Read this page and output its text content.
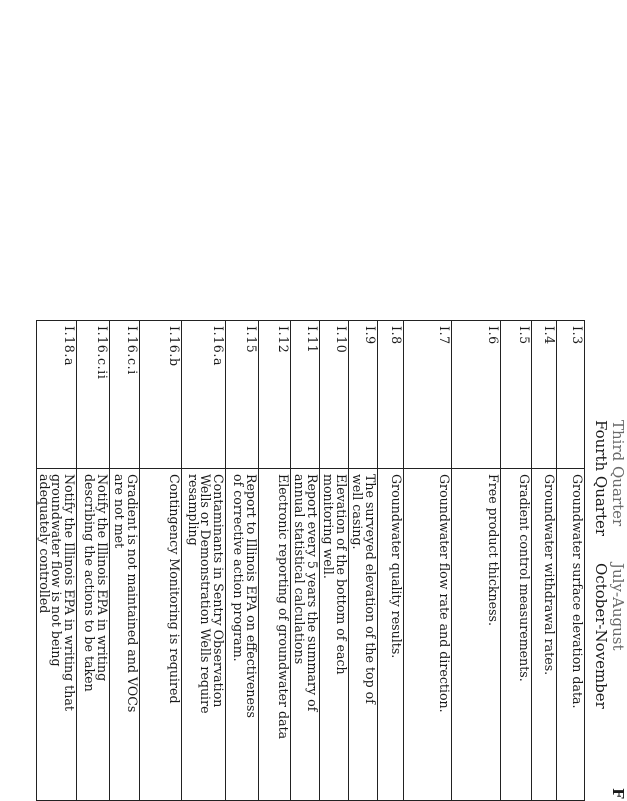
Third Quarter
Fourth Quarter
July-August
October-November
F
I.3	Groundwater surface elevation data.

I.4	Groundwater withdrawal rates.

I.5	Gradient control measurements.

I.6	Free product thickness.

I.7	Groundwater flow rate and direction.

I.8	Groundwater quality results.

I.9	The surveyed elevation of the top of
well casing.

I.10	Elevation of the bottom of each
monitoring well.

I.11	Report every 5 years the summary of
annual statistical calculations

I.12	Electronic reporting of groundwater data

I.15	Report to Illinois EPA on effectiveness
of corrective action program.

I.16.a	Contaminants in Sentry Observation
Wells or Demonstration Wells require
resampling

I.16.b	Contingency Monitoring is required

I.16.c.i	Gradient is not maintained and VOCs
are not met

I.16.c.ii	Notify the Illinois EPA in writing
describing the actions to be taken

I.18.a	Notify the Illinois EPA in writing that
groundwater flow is not being
adequately controlled
